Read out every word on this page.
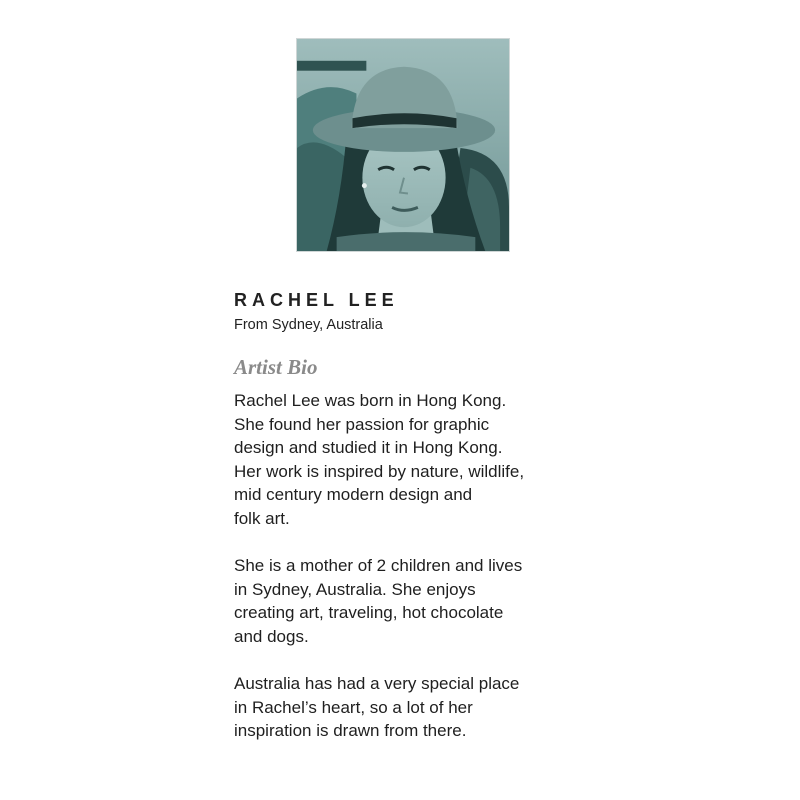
RACHEL LEE

From Sydney, Australia

Artist Bio

Rachel Lee was born in Hong Kong.
She found her passion for graphic
design and studied it in Hong Kong.
Her work is inspired by nature, wildlife,
mid century modern design and
folk art.

She is a mother of 2 children and lives
in Sydney, Australia. She enjoys
creating art, traveling, hot chocolate
and dogs.

Australia has had a very special place
in Rachel’s heart, so a lot of her
inspiration is drawn from there.
